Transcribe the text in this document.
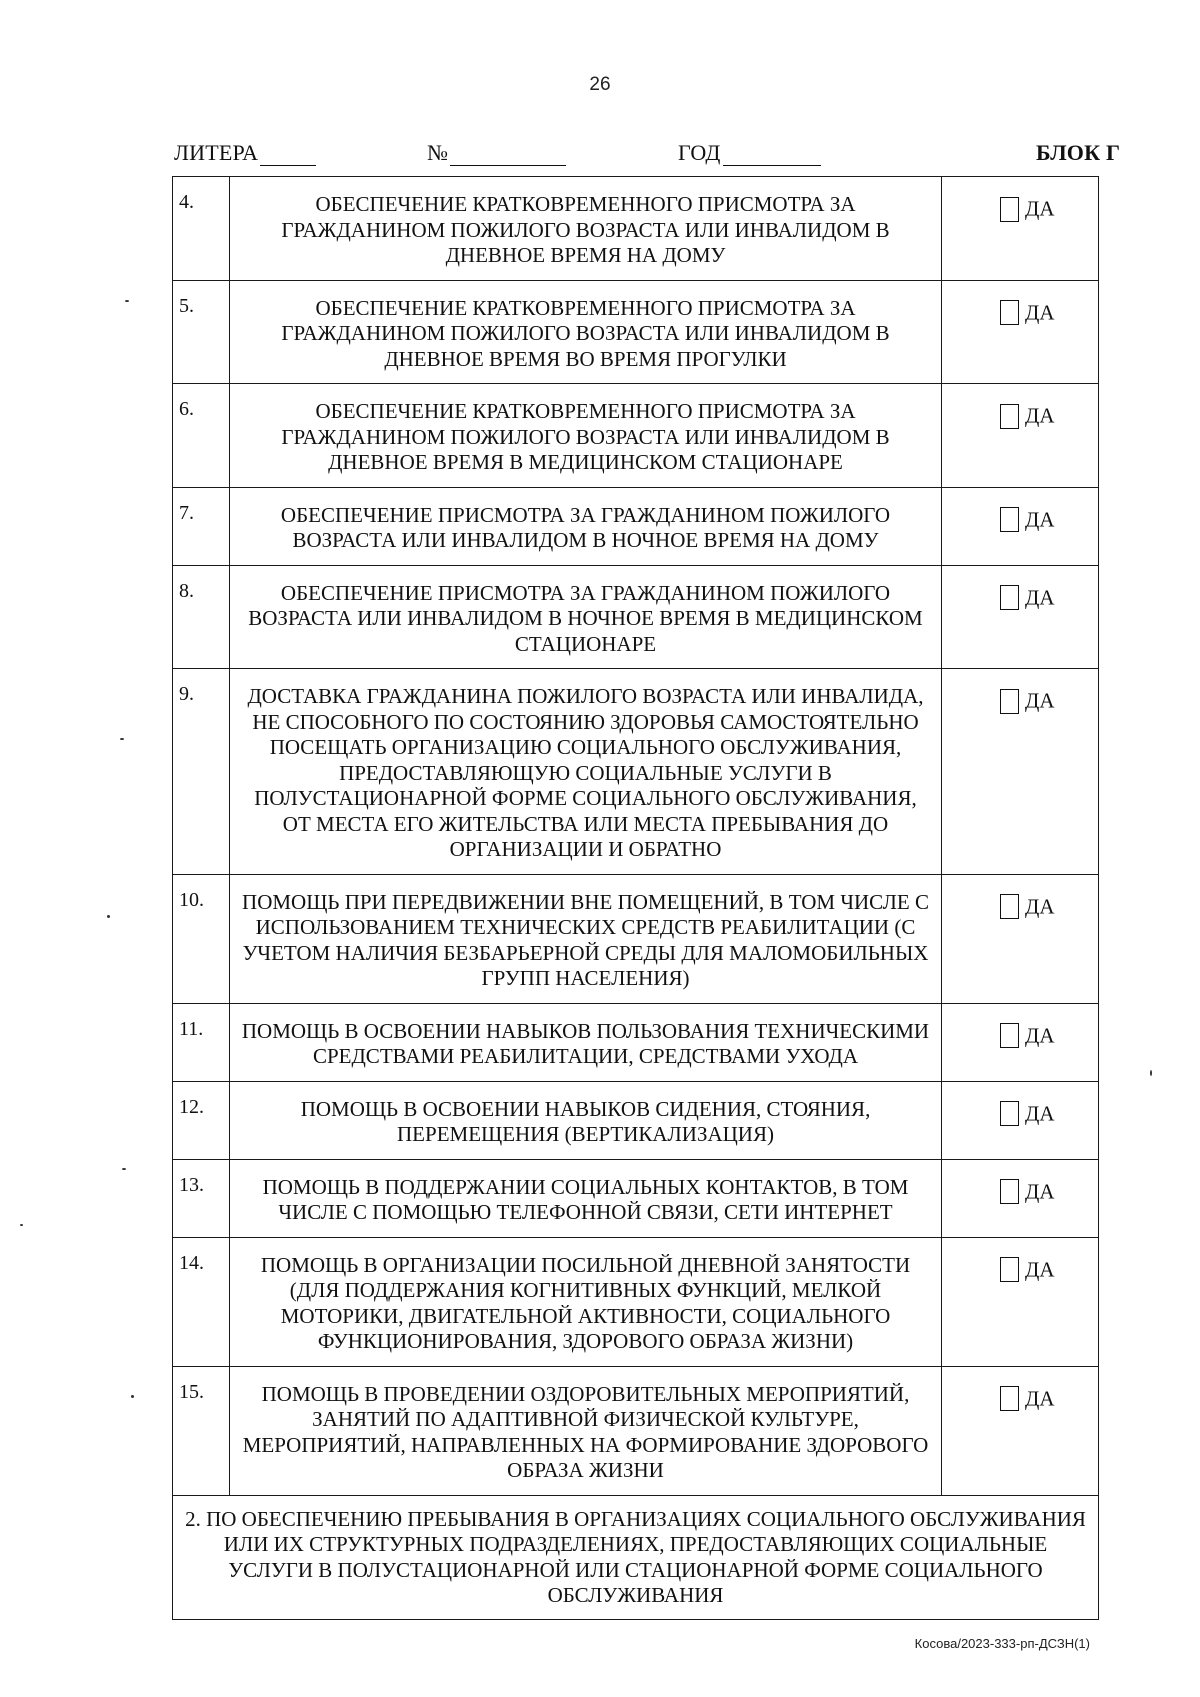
26
ЛИТЕРА	№	ГОД	БЛОК Г
4.	ОБЕСПЕЧЕНИЕ КРАТКОВРЕМЕННОГО ПРИСМОТРА ЗА ГРАЖДАНИНОМ ПОЖИЛОГО ВОЗРАСТА ИЛИ ИНВАЛИДОМ В ДНЕВНОЕ ВРЕМЯ НА ДОМУ	ДА
5.	ОБЕСПЕЧЕНИЕ КРАТКОВРЕМЕННОГО ПРИСМОТРА ЗА ГРАЖДАНИНОМ ПОЖИЛОГО ВОЗРАСТА ИЛИ ИНВАЛИДОМ В ДНЕВНОЕ ВРЕМЯ ВО ВРЕМЯ ПРОГУЛКИ	ДА
6.	ОБЕСПЕЧЕНИЕ КРАТКОВРЕМЕННОГО ПРИСМОТРА ЗА ГРАЖДАНИНОМ ПОЖИЛОГО ВОЗРАСТА ИЛИ ИНВАЛИДОМ В ДНЕВНОЕ ВРЕМЯ В МЕДИЦИНСКОМ СТАЦИОНАРЕ	ДА
7.	ОБЕСПЕЧЕНИЕ ПРИСМОТРА ЗА ГРАЖДАНИНОМ ПОЖИЛОГО ВОЗРАСТА ИЛИ ИНВАЛИДОМ В НОЧНОЕ ВРЕМЯ НА ДОМУ	ДА
8.	ОБЕСПЕЧЕНИЕ ПРИСМОТРА ЗА ГРАЖДАНИНОМ ПОЖИЛОГО ВОЗРАСТА ИЛИ ИНВАЛИДОМ В НОЧНОЕ ВРЕМЯ В МЕДИЦИНСКОМ СТАЦИОНАРЕ	ДА
9.	ДОСТАВКА ГРАЖДАНИНА ПОЖИЛОГО ВОЗРАСТА ИЛИ ИНВАЛИДА, НЕ СПОСОБНОГО ПО СОСТОЯНИЮ ЗДОРОВЬЯ САМОСТОЯТЕЛЬНО ПОСЕЩАТЬ ОРГАНИЗАЦИЮ СОЦИАЛЬНОГО ОБСЛУЖИВАНИЯ, ПРЕДОСТАВЛЯЮЩУЮ СОЦИАЛЬНЫЕ УСЛУГИ В ПОЛУСТАЦИОНАРНОЙ ФОРМЕ СОЦИАЛЬНОГО ОБСЛУЖИВАНИЯ, ОТ МЕСТА ЕГО ЖИТЕЛЬСТВА ИЛИ МЕСТА ПРЕБЫВАНИЯ ДО ОРГАНИЗАЦИИ И ОБРАТНО	ДА
10.	ПОМОЩЬ ПРИ ПЕРЕДВИЖЕНИИ ВНЕ ПОМЕЩЕНИЙ, В ТОМ ЧИСЛЕ С ИСПОЛЬЗОВАНИЕМ ТЕХНИЧЕСКИХ СРЕДСТВ РЕАБИЛИТАЦИИ (С УЧЕТОМ НАЛИЧИЯ БЕЗБАРЬЕРНОЙ СРЕДЫ ДЛЯ МАЛОМОБИЛЬНЫХ ГРУПП НАСЕЛЕНИЯ)	ДА
11.	ПОМОЩЬ В ОСВОЕНИИ НАВЫКОВ ПОЛЬЗОВАНИЯ ТЕХНИЧЕСКИМИ СРЕДСТВАМИ РЕАБИЛИТАЦИИ, СРЕДСТВАМИ УХОДА	ДА
12.	ПОМОЩЬ В ОСВОЕНИИ НАВЫКОВ СИДЕНИЯ, СТОЯНИЯ, ПЕРЕМЕЩЕНИЯ (ВЕРТИКАЛИЗАЦИЯ)	ДА
13.	ПОМОЩЬ В ПОДДЕРЖАНИИ СОЦИАЛЬНЫХ КОНТАКТОВ, В ТОМ ЧИСЛЕ С ПОМОЩЬЮ ТЕЛЕФОННОЙ СВЯЗИ, СЕТИ ИНТЕРНЕТ	ДА
14.	ПОМОЩЬ В ОРГАНИЗАЦИИ ПОСИЛЬНОЙ ДНЕВНОЙ ЗАНЯТОСТИ (ДЛЯ ПОДДЕРЖАНИЯ КОГНИТИВНЫХ ФУНКЦИЙ, МЕЛКОЙ МОТОРИКИ, ДВИГАТЕЛЬНОЙ АКТИВНОСТИ, СОЦИАЛЬНОГО ФУНКЦИОНИРОВАНИЯ, ЗДОРОВОГО ОБРАЗА ЖИЗНИ)	ДА
15.	ПОМОЩЬ В ПРОВЕДЕНИИ ОЗДОРОВИТЕЛЬНЫХ МЕРОПРИЯТИЙ, ЗАНЯТИЙ ПО АДАПТИВНОЙ ФИЗИЧЕСКОЙ КУЛЬТУРЕ, МЕРОПРИЯТИЙ, НАПРАВЛЕННЫХ НА ФОРМИРОВАНИЕ ЗДОРОВОГО ОБРАЗА ЖИЗНИ	ДА
2. ПО ОБЕСПЕЧЕНИЮ ПРЕБЫВАНИЯ В ОРГАНИЗАЦИЯХ СОЦИАЛЬНОГО ОБСЛУЖИВАНИЯ ИЛИ ИХ СТРУКТУРНЫХ ПОДРАЗДЕЛЕНИЯХ, ПРЕДОСТАВЛЯЮЩИХ СОЦИАЛЬНЫЕ УСЛУГИ В ПОЛУСТАЦИОНАРНОЙ ИЛИ СТАЦИОНАРНОЙ ФОРМЕ СОЦИАЛЬНОГО ОБСЛУЖИВАНИЯ		
Косова/2023-333-рп-ДСЗН(1)
